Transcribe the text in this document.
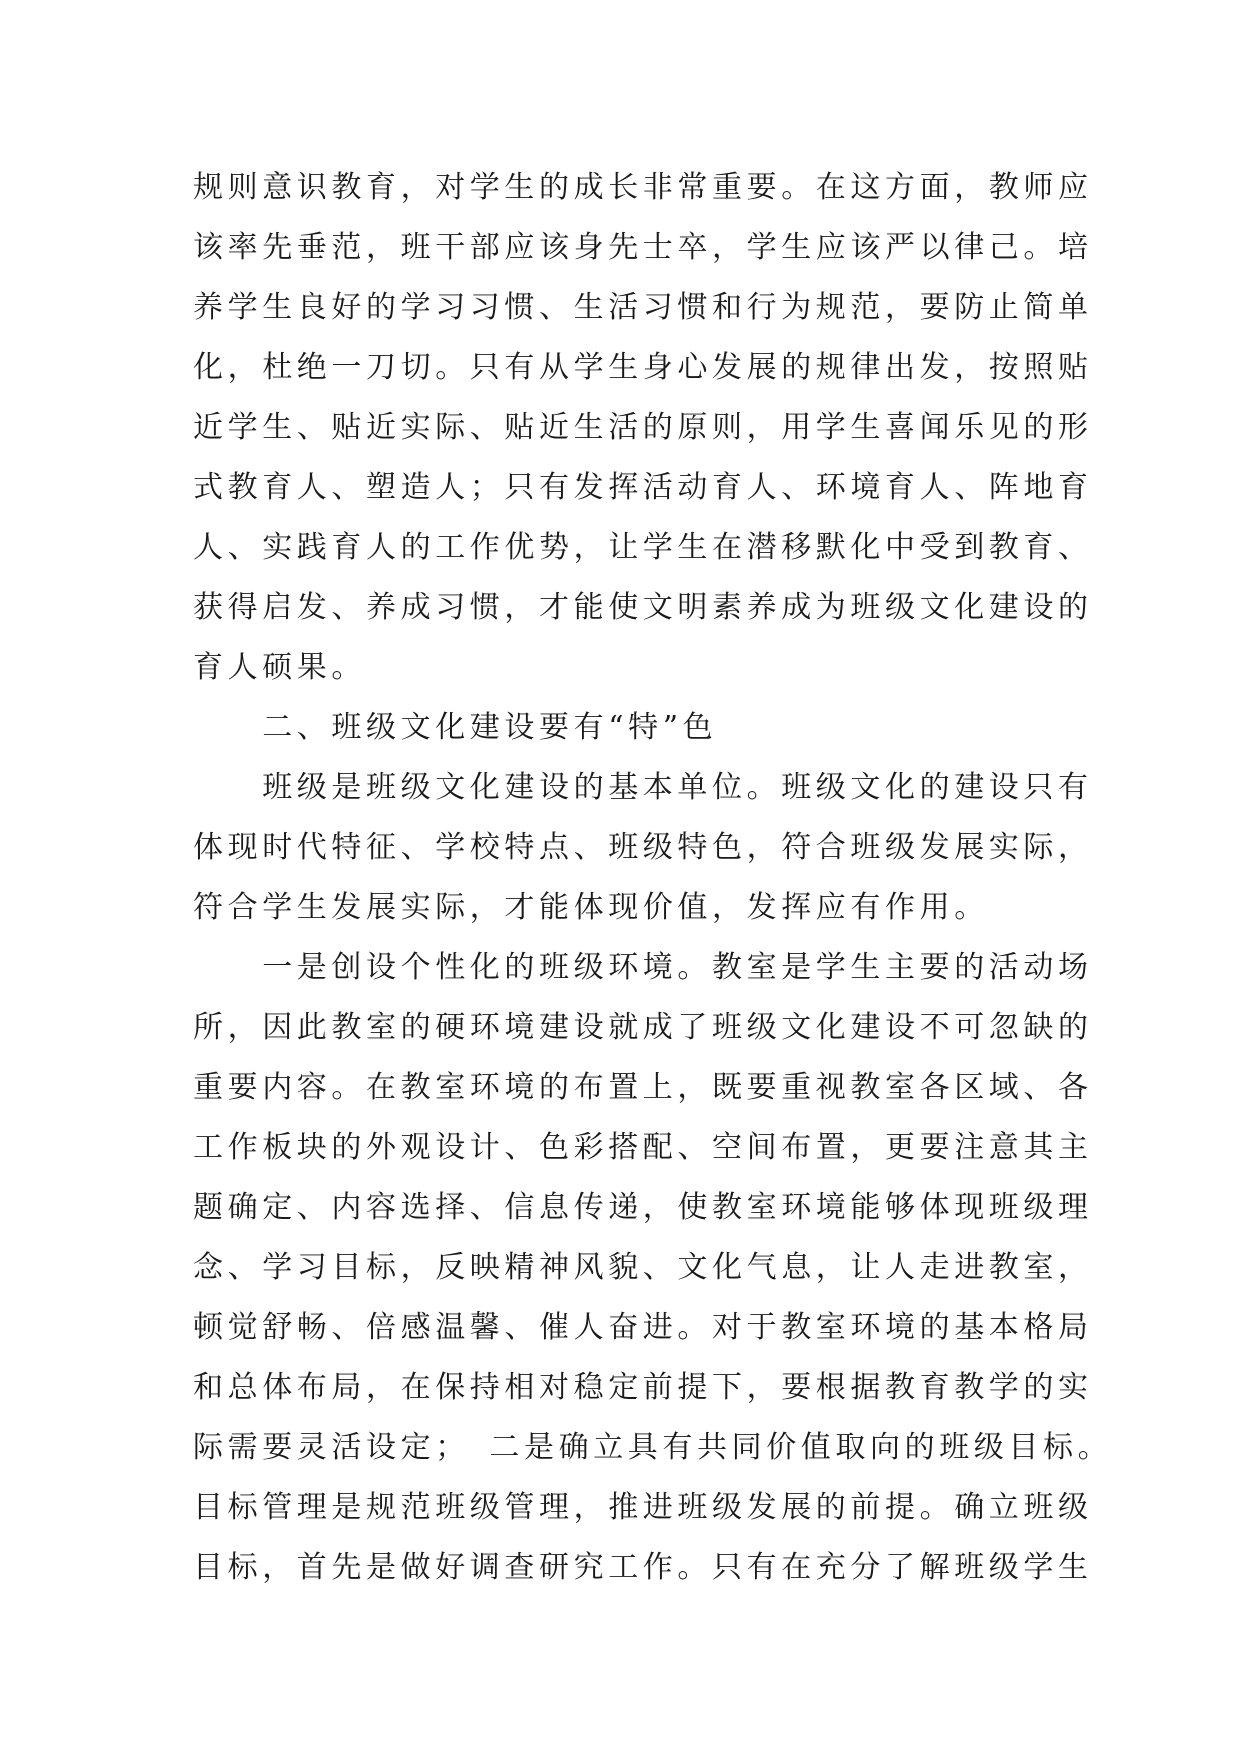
规则意识教育，对学生的成长非常重要。在这方面，教师应
该率先垂范，班干部应该身先士卒，学生应该严以律己。培
养学生良好的学习习惯、生活习惯和行为规范，要防止简单
化，杜绝一刀切。只有从学生身心发展的规律出发，按照贴
近学生、贴近实际、贴近生活的原则，用学生喜闻乐见的形
式教育人、塑造人；只有发挥活动育人、环境育人、阵地育
人、实践育人的工作优势，让学生在潜移默化中受到教育、
获得启发、养成习惯，才能使文明素养成为班级文化建设的
育人硕果。
　　二、班级文化建设要有“特”色
　　班级是班级文化建设的基本单位。班级文化的建设只有
体现时代特征、学校特点、班级特色，符合班级发展实际，
符合学生发展实际，才能体现价值，发挥应有作用。
　　一是创设个性化的班级环境。教室是学生主要的活动场
所，因此教室的硬环境建设就成了班级文化建设不可忽缺的
重要内容。在教室环境的布置上，既要重视教室各区域、各
工作板块的外观设计、色彩搭配、空间布置，更要注意其主
题确定、内容选择、信息传递，使教室环境能够体现班级理
念、学习目标，反映精神风貌、文化气息，让人走进教室，
顿觉舒畅、倍感温馨、催人奋进。对于教室环境的基本格局
和总体布局，在保持相对稳定前提下，要根据教育教学的实
际需要灵活设定；　二是确立具有共同价值取向的班级目标。
目标管理是规范班级管理，推进班级发展的前提。确立班级
目标，首先是做好调查研究工作。只有在充分了解班级学生
